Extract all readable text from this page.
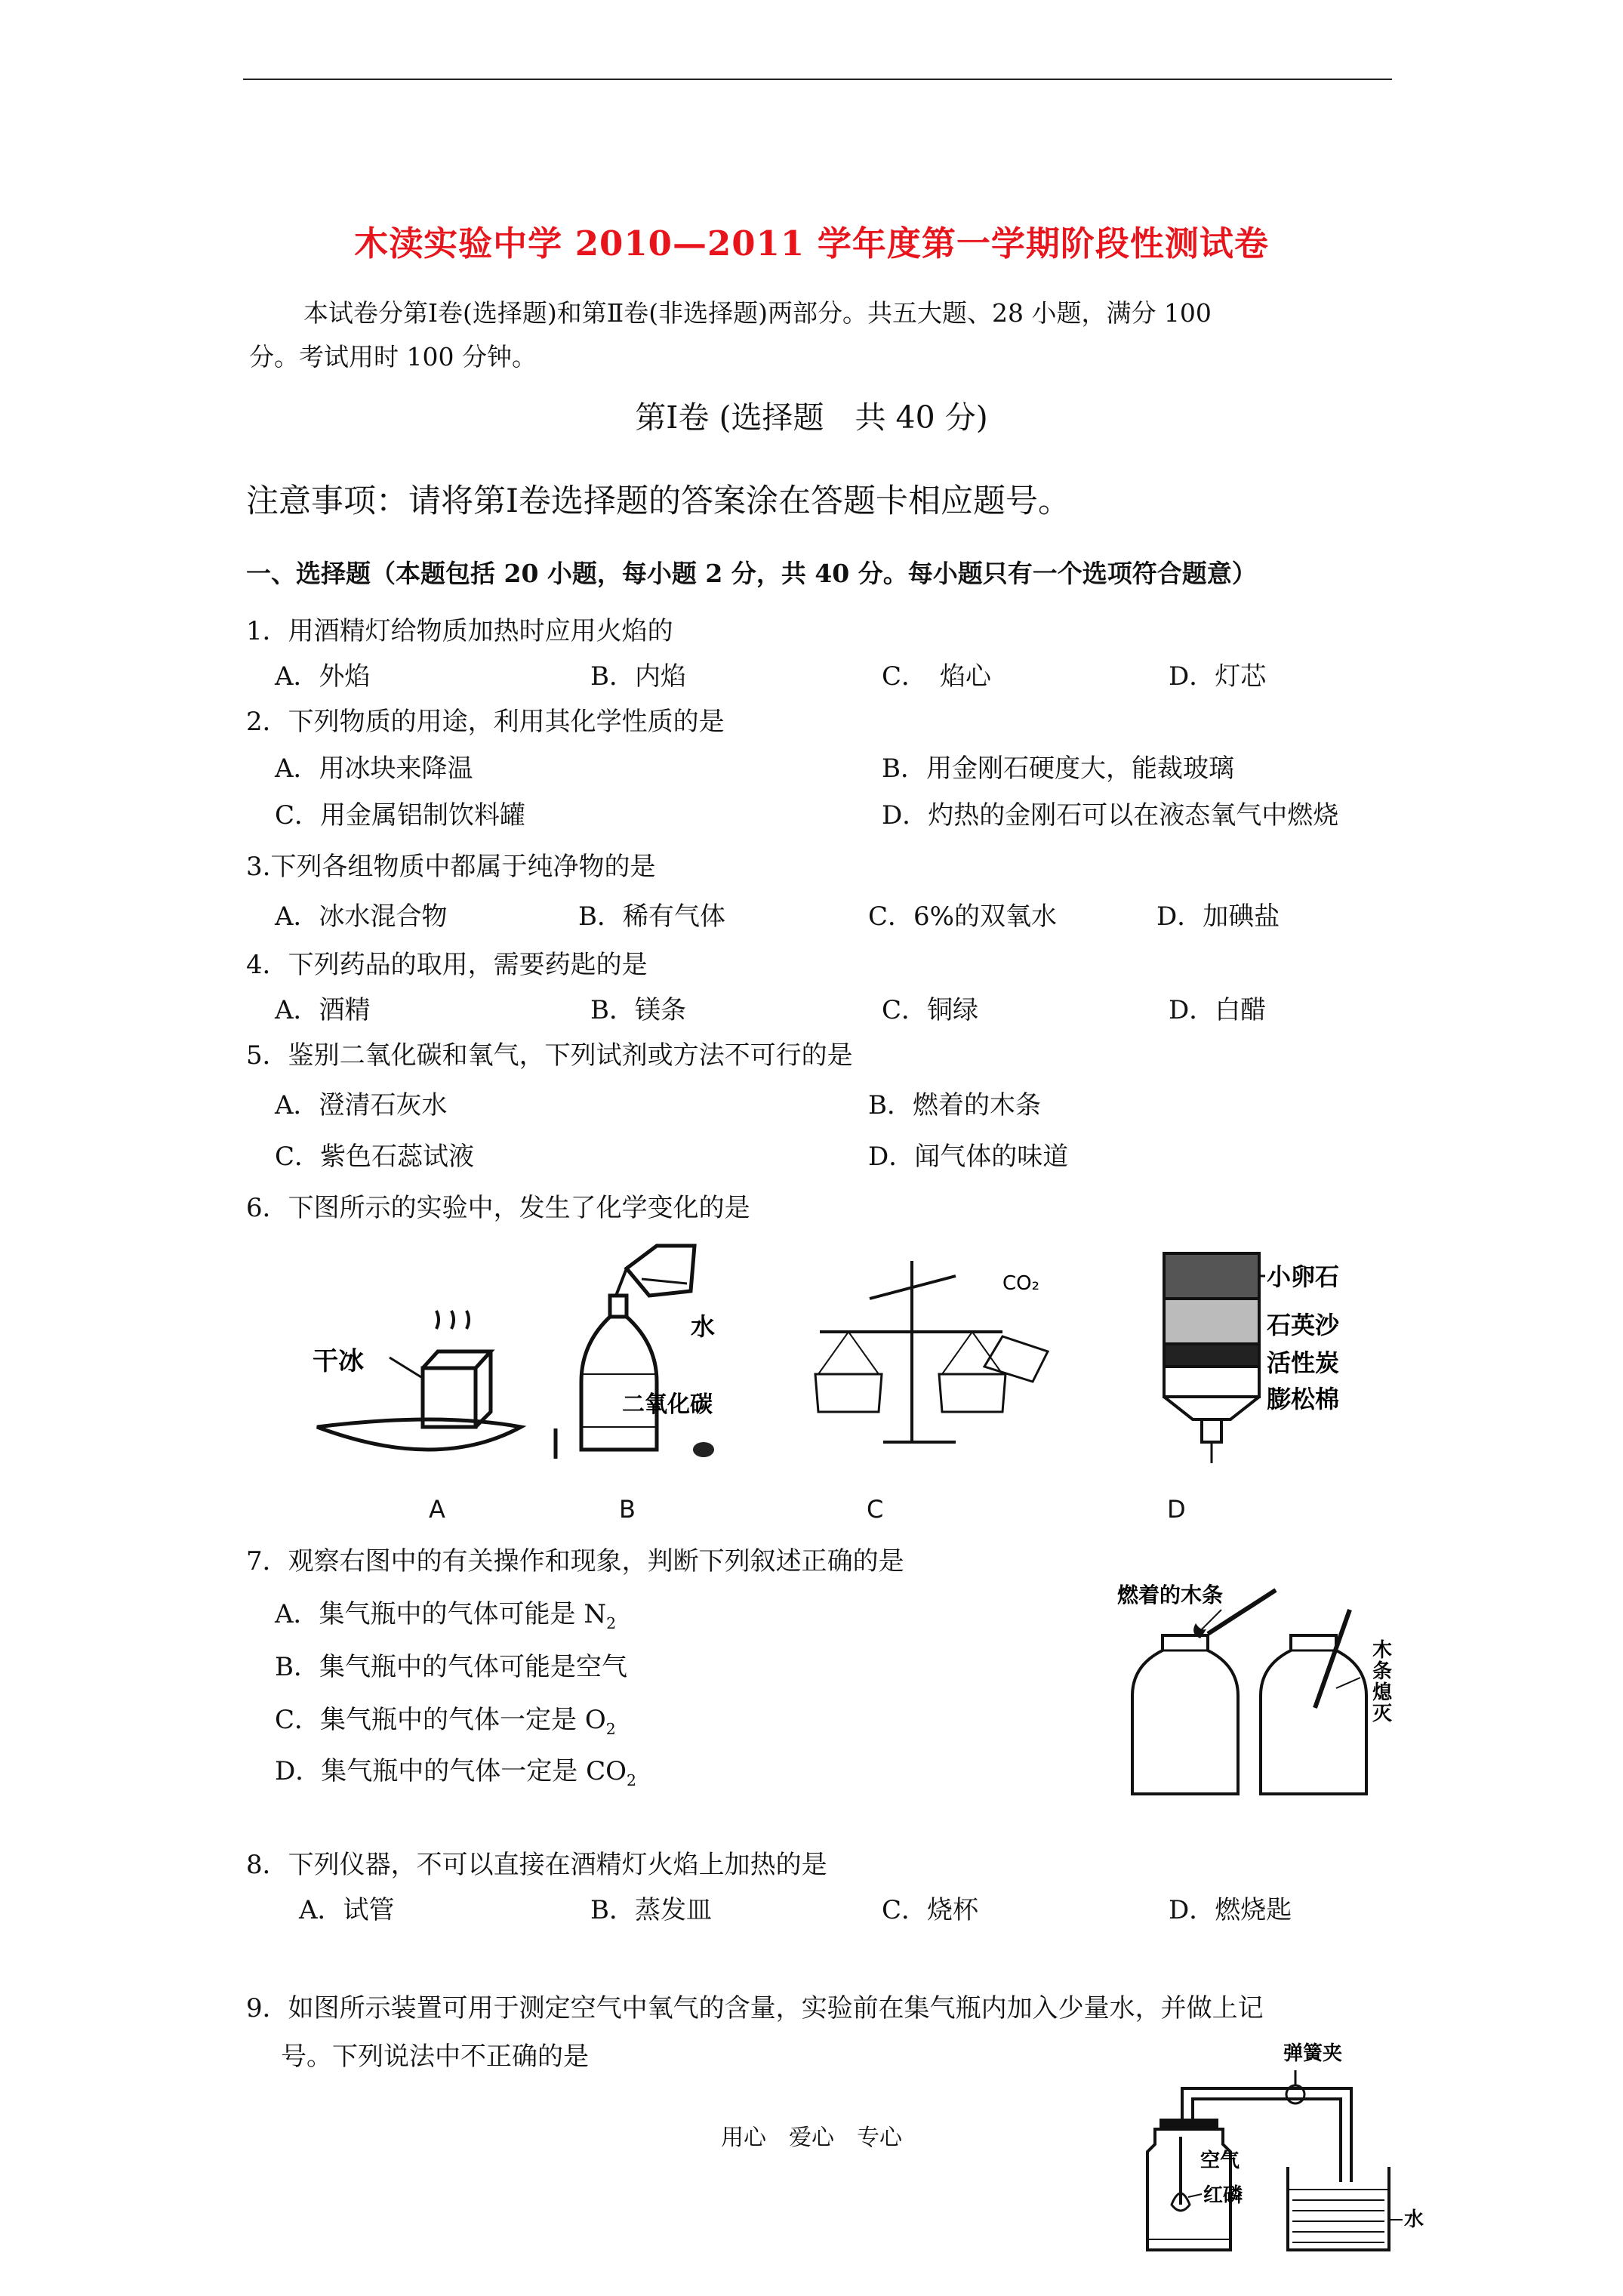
木渎实验中学 2010—2011 学年度第一学期阶段性测试卷
本试卷分第Ⅰ卷(选择题)和第Ⅱ卷(非选择题)两部分。共五大题、28 小题，满分 100
分。考试用时 100 分钟。
第Ⅰ卷 (选择题　共 40 分)
注意事项：请将第Ⅰ卷选择题的答案涂在答题卡相应题号。
一、选择题（本题包括 20 小题，每小题 2 分，共 40 分。每小题只有一个选项符合题意）
1．用酒精灯给物质加热时应用火焰的
A．外焰	B．内焰	C．　焰心	D．灯芯
2．下列物质的用途，利用其化学性质的是
A．用冰块来降温	B．用金刚石硬度大，能裁玻璃
C．用金属铝制饮料罐	D．灼热的金刚石可以在液态氧气中燃烧
3.下列各组物质中都属于纯净物的是
A．冰水混合物	B．稀有气体	C．6%的双氧水	D．加碘盐
4．下列药品的取用，需要药匙的是
A．酒精	B．镁条	C．铜绿	D．白醋
5．鉴别二氧化碳和氧气，下列试剂或方法不可行的是
A．澄清石灰水	B．燃着的木条
C．紫色石蕊试液	D．闻气体的味道
6．下图所示的实验中，发生了化学变化的是
干冰
水
二氧化碳
CO₂	小卵石
石英沙
活性炭
膨松棉
A	B	C	D
7．观察右图中的有关操作和现象，判断下列叙述正确的是
A．集气瓶中的气体可能是 $N_2$
B．集气瓶中的气体可能是空气
C．集气瓶中的气体一定是 $O_2$
D．集气瓶中的气体一定是 $CO_2$
燃着的木条
木
条
熄
灭
8．下列仪器，不可以直接在酒精灯火焰上加热的是
A．试管	B．蒸发皿	C．烧杯	D．燃烧匙
9．如图所示装置可用于测定空气中氧气的含量，实验前在集气瓶内加入少量水，并做上记
号。下列说法中不正确的是	弹簧夹
空气
红磷
水
用心　爱心　专心
